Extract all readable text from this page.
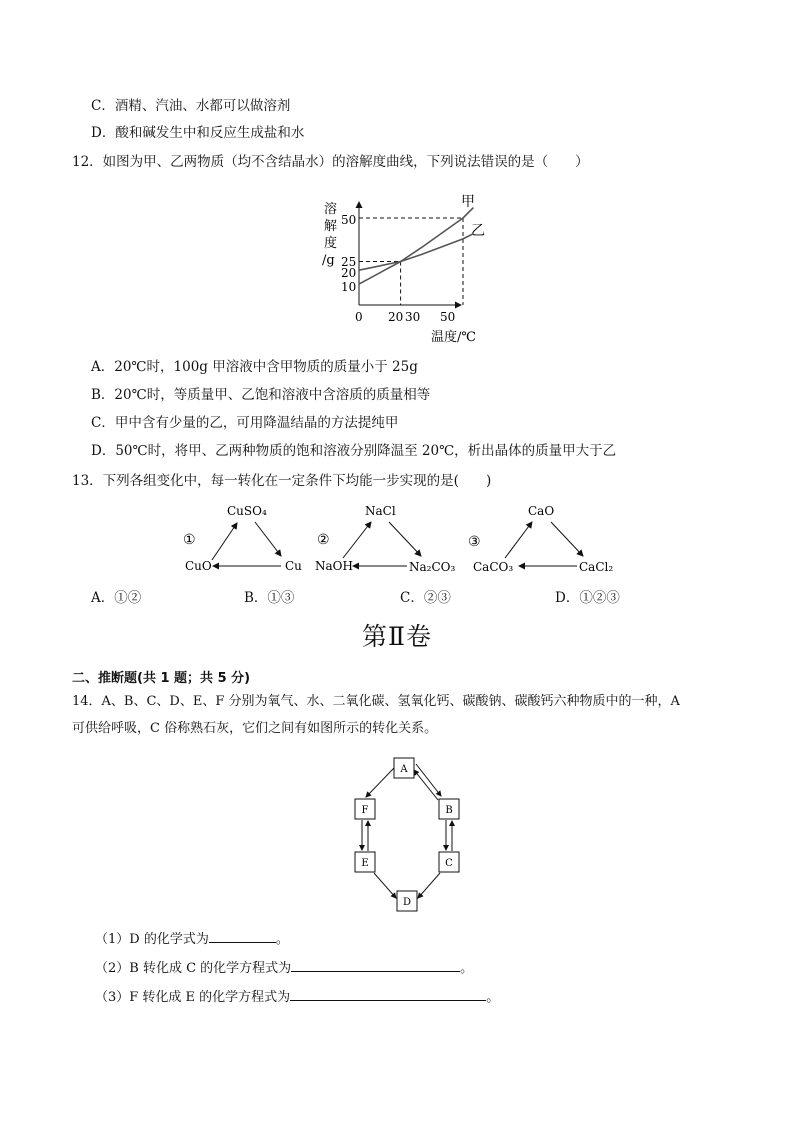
C．酒精、汽油、水都可以做溶剂
D．酸和碱发生中和反应生成盐和水
12．如图为甲、乙两物质（均不含结晶水）的溶解度曲线，下列说法错误的是（　　）
溶
解
度
/g
50
25
20
10
0 20 30 50
温度/℃
甲
乙
A．20℃时，100g 甲溶液中含甲物质的质量小于 25g
B．20℃时，等质量甲、乙饱和溶液中含溶质的质量相等
C．甲中含有少量的乙，可用降温结晶的方法提纯甲
D．50℃时，将甲、乙两种物质的饱和溶液分别降温至 20℃，析出晶体的质量甲大于乙
13．下列各组变化中，每一转化在一定条件下均能一步实现的是(　　)
①
CuSO₄
CuO	Cu
②
NaCl
NaOH	Na₂CO₃
③
CaO
CaCO₃	CaCl₂
A．①②	B．①③	C．②③	D．①②③
第Ⅱ卷
二、推断题(共 1 题；共 5 分)
14．A、B、C、D、E、F 分别为氧气、水、二氧化碳、氢氧化钙、碳酸钠、碳酸钙六种物质中的一种，A
可供给呼吸，C 俗称熟石灰，它们之间有如图所示的转化关系。
A
F	B
E	C
D
（1）D 的化学式为	。
（2）B 转化成 C 的化学方程式为	。
（3）F 转化成 E 的化学方程式为	。
